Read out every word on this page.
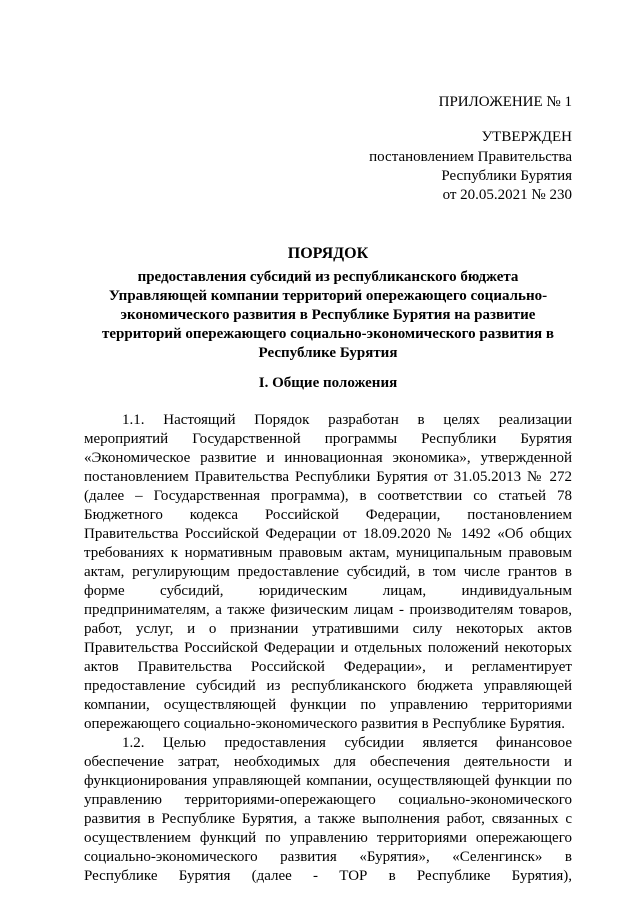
ПРИЛОЖЕНИЕ № 1
УТВЕРЖДЕН
постановлением Правительства
Республики Бурятия
от 20.05.2021 № 230
ПОРЯДОК
предоставления субсидий из республиканского бюджета
Управляющей компании территорий опережающего социально-
экономического развития в Республике Бурятия на развитие
территорий опережающего социально-экономического развития в
Республике Бурятия
I. Общие положения
1.1. Настоящий Порядок разработан в целях реализации
мероприятий Государственной программы Республики Бурятия
«Экономическое развитие и инновационная экономика», утвержденной
постановлением Правительства Республики Бурятия от 31.05.2013 № 272
(далее – Государственная программа), в соответствии со статьей 78
Бюджетного кодекса Российской Федерации, постановлением
Правительства Российской Федерации от 18.09.2020 № 1492 «Об общих
требованиях к нормативным правовым актам, муниципальным правовым
актам, регулирующим предоставление субсидий, в том числе грантов в
форме субсидий, юридическим лицам, индивидуальным
предпринимателям, а также физическим лицам - производителям товаров,
работ, услуг, и о признании утратившими силу некоторых актов
Правительства Российской Федерации и отдельных положений некоторых
актов Правительства Российской Федерации», и регламентирует
предоставление субсидий из республиканского бюджета управляющей
компании, осуществляющей функции по управлению территориями
опережающего социально-экономического развития в Республике Бурятия.
1.2. Целью предоставления субсидии является финансовое
обеспечение затрат, необходимых для обеспечения деятельности и
функционирования управляющей компании, осуществляющей функции по
управлению территориями-опережающего социально-экономического
развития в Республике Бурятия, а также выполнения работ, связанных с
осуществлением функций по управлению территориями опережающего
социально-экономического развития «Бурятия», «Селенгинск» в
Республике Бурятия (далее - ТОР в Республике Бурятия),
